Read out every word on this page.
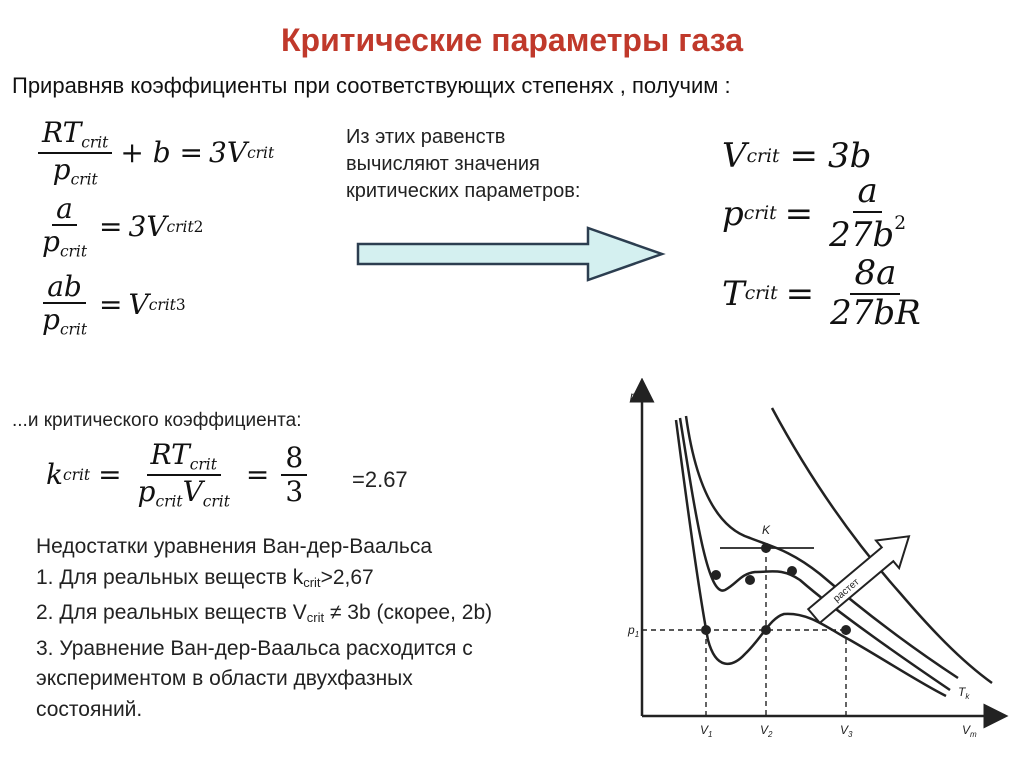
Критические параметры газа
Приравняв коэффициенты при соответствующих степенях , получим :
$\frac{RT_{crit}}{p_{crit}} + b = 3V$ crit
$\frac{a}{p_{crit}} = 3V$ crit 2
$\frac{ab}{p_{crit}} = V$ crit 3
Из этих равенств
вычисляют значения
критических параметров:
V crit = 3b
p crit = $\frac{a}{27b^2}$
T crit = $\frac{8a}{27bR}$
...и критического коэффициента:
k crit = $\frac{RT_{crit}}{p_{crit}V_{crit}} = \frac{8}{3} =2.67$
Недостатки уравнения Ван-дер-Ваальса
1. Для реальных веществ kcrit>2,67
2. Для реальных веществ Vcrit ≠ 3b (скорее, 2b)
3. Уравнение Ван-дер-Ваальса расходится с
экспериментом в области двухфазных
состояний.
p
$V_m$
K
$p_1$
$V_1$	$V_2$	$V_3$
$T_k$
растет
